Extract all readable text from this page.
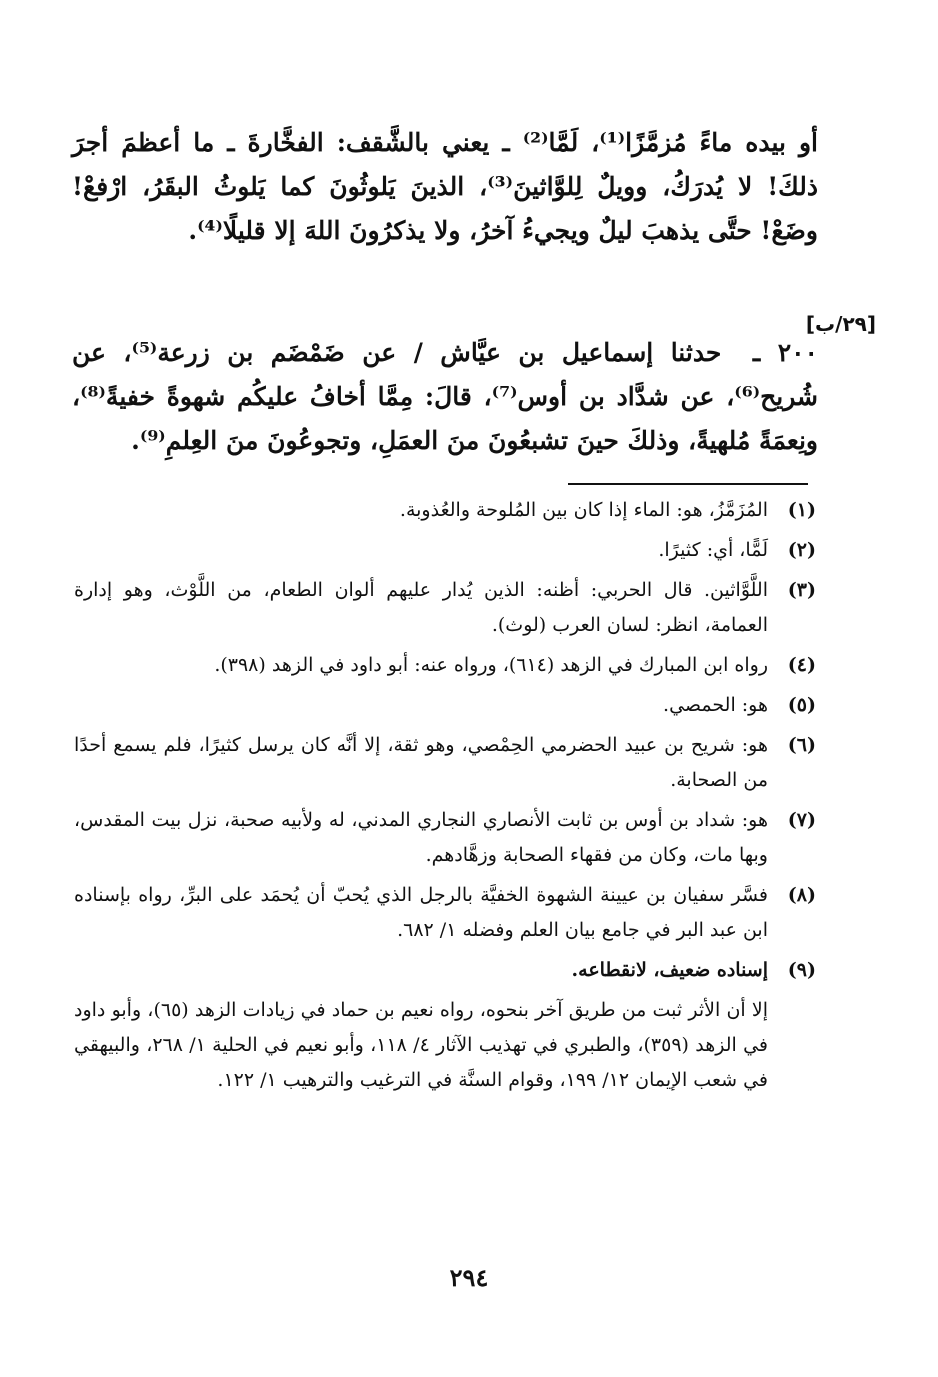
أو بيده ماءً مُزمَّزًا⁽¹⁾، لَمَّا⁽²⁾ ـ يعني بالشَّقف: الفخَّارةَ ـ ما أعظمَ أجرَ ذلكَ! لا يُدرَكُ، وويلٌ لِلوَّاثينَ⁽³⁾، الذينَ يَلوثُونَ كما يَلوثُ البقَرُ، ارْفعْ! وضَعْ! حتَّى يذهبَ ليلٌ ويجيءُ آخرُ، ولا يذكرُونَ اللهَ إلا قليلًا⁽⁴⁾.

[٢٩/ب]

٢٠٠ ـ حدثنا إسماعيل بن عيَّاش / عن ضَمْضَم بن زرعة⁽⁵⁾، عن شُريح⁽⁶⁾، عن شدَّاد بن أوس⁽⁷⁾، قالَ: مِمَّا أخافُ عليكُم شهوةً خفيةً⁽⁸⁾، ونِعمَةً مُلهيةً، وذلكَ حينَ تشبعُونَ منَ العمَلِ، وتجوعُونَ منَ العِلمِ⁽⁹⁾.

(١)
المُزَمَّزُ، هو: الماء إذا كان بين المُلوحة والعُذوبة.
(٢)
لَمًّا، أي: كثيرًا.
(٣)
اللَّوَّاثين. قال الحربي: أظنه: الذين يُدار عليهم ألوان الطعام، من اللَّوْث، وهو إدارة العمامة، انظر: لسان العرب (لوث).
(٤)
رواه ابن المبارك في الزهد (٦١٤)، ورواه عنه: أبو داود في الزهد (٣٩٨).
(٥)
هو: الحمصي.
(٦)
هو: شريح بن عبيد الحضرمي الحِمْصي، وهو ثقة، إلا أنَّه كان يرسل كثيرًا، فلم يسمع أحدًا من الصحابة.
(٧)
هو: شداد بن أوس بن ثابت الأنصاري النجاري المدني، له ولأبيه صحبة، نزل بيت المقدس، وبها مات، وكان من فقهاء الصحابة وزهَّادهم.
(٨)
فسَّر سفيان بن عيينة الشهوة الخفيَّة بالرجل الذي يُحبّ أن يُحمَد على البرِّ، رواه بإسناده ابن عبد البر في جامع بيان العلم وفضله ١/ ٦٨٢.
(٩)
إسناده ضعيف، لانقطاعه.
إلا أن الأثر ثبت من طريق آخر بنحوه، رواه نعيم بن حماد في زيادات الزهد (٦٥)، وأبو داود في الزهد (٣٥٩)، والطبري في تهذيب الآثار ٤/ ١١٨، وأبو نعيم في الحلية ١/ ٢٦٨، والبيهقي في شعب الإيمان ١٢/ ١٩٩، وقوام السنَّة في الترغيب والترهيب ١/ ١٢٢.
٢٩٤
